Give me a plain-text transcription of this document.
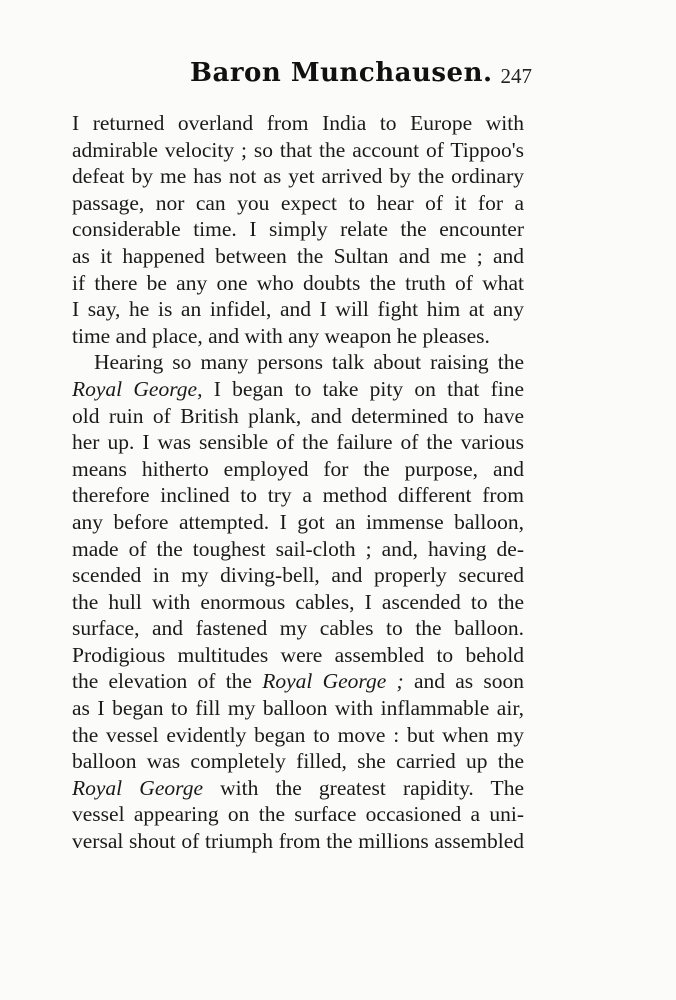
Baron Munchausen. 247
I returned overland from India to Europe with
admirable velocity ; so that the account of Tippoo's
defeat by me has not as yet arrived by the ordinary
passage, nor can you expect to hear of it for a
considerable time. I simply relate the encounter
as it happened between the Sultan and me ; and
if there be any one who doubts the truth of what
I say, he is an infidel, and I will fight him at any
time and place, and with any weapon he pleases.
Hearing so many persons talk about raising the
Royal George, I began to take pity on that fine
old ruin of British plank, and determined to have
her up. I was sensible of the failure of the various
means hitherto employed for the purpose, and
therefore inclined to try a method different from
any before attempted. I got an immense balloon,
made of the toughest sail-cloth ; and, having de-
scended in my diving-bell, and properly secured
the hull with enormous cables, I ascended to the
surface, and fastened my cables to the balloon.
Prodigious multitudes were assembled to behold
the elevation of the Royal George ; and as soon
as I began to fill my balloon with inflammable air,
the vessel evidently began to move : but when my
balloon was completely filled, she carried up the
Royal George with the greatest rapidity. The
vessel appearing on the surface occasioned a uni-
versal shout of triumph from the millions assembled
